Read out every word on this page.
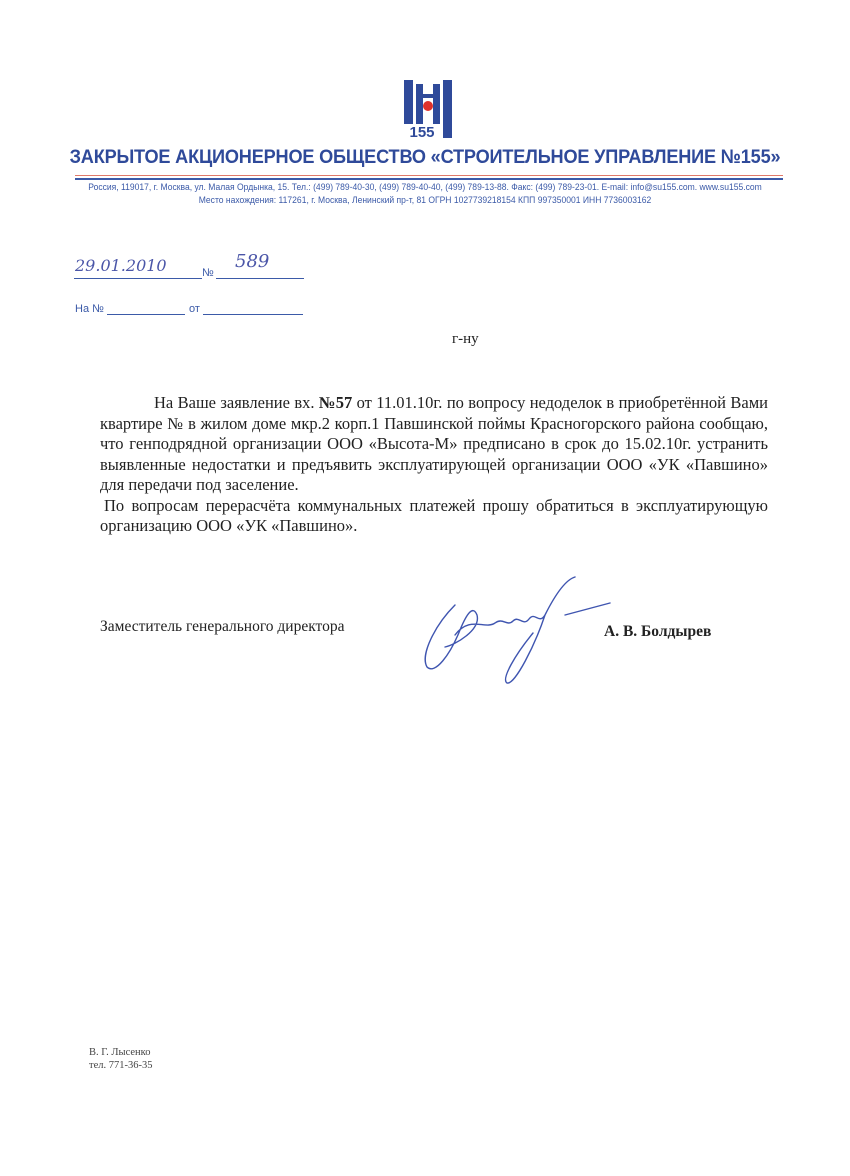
155
ЗАКРЫТОЕ АКЦИОНЕРНОЕ ОБЩЕСТВО «СТРОИТЕЛЬНОЕ УПРАВЛЕНИЕ №155»
Россия, 119017, г. Москва, ул. Малая Ордынка, 15. Тел.: (499) 789-40-30, (499) 789-40-40, (499) 789-13-88. Факс: (499) 789-23-01. E-mail: info@su155.com. www.su155.com
Место нахождения: 117261, г. Москва, Ленинский пр-т, 81 ОГРН 1027739218154 КПП 997350001 ИНН 7736003162
29.01.2010	№
589
На №	от
г-ну

На Ваше заявление вх. №57 от 11.01.10г. по вопросу недоделок в приобретённой Вами квартире № в жилом доме мкр.2 корп.1 Павшинской поймы Красногорского района сообщаю, что генподрядной организации ООО «Высота-М» предписано в срок до 15.02.10г. устранить выявленные недостатки и предъявить эксплуатирующей организации ООО «УК «Павшино» для передачи под заселение.

По вопросам перерасчёта коммунальных платежей прошу обратиться в эксплуатирующую организацию ООО «УК «Павшино».

Заместитель генерального директора	А. В. Болдырев
В. Г. Лысенко
тел. 771-36-35
